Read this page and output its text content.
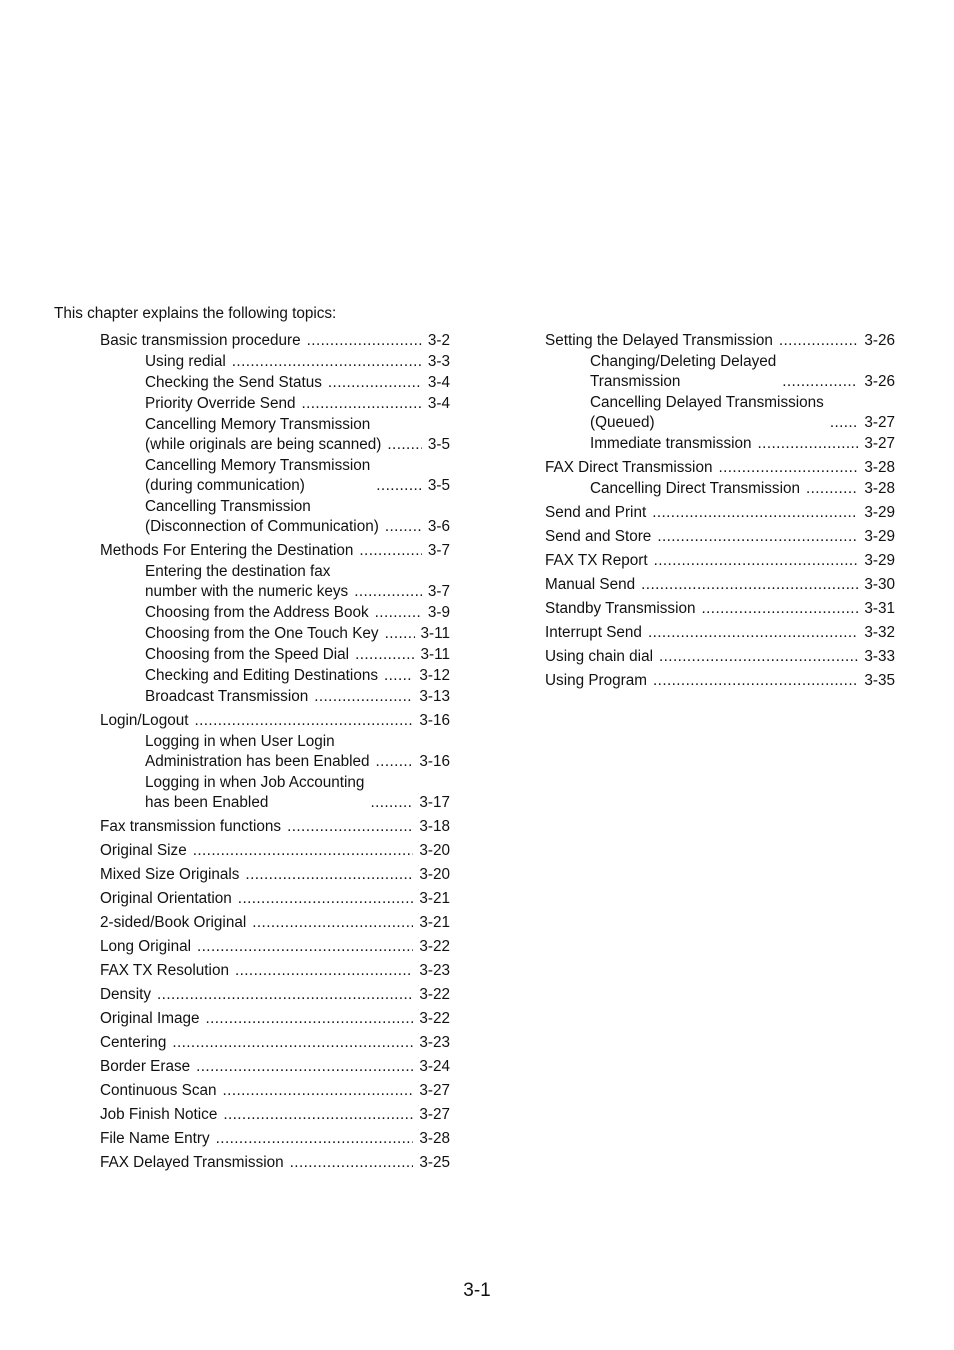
This chapter explains the following topics:

Basic transmission procedure .....	3-2
Using redial .....	3-3
Checking the Send Status .....	3-4
Priority Override Send .....	3-4
Cancelling Memory Transmission
(while originals are being scanned) .....	3-5
Cancelling Memory Transmission
(during communication) .....	3-5
Cancelling Transmission
(Disconnection of Communication) .....	3-6
Methods For Entering the Destination .....	3-7
Entering the destination fax
number with the numeric keys .....	3-7
Choosing from the Address Book .....	3-9
Choosing from the One Touch Key .....	3-11
Choosing from the Speed Dial .....	3-11
Checking and Editing Destinations .....	3-12
Broadcast Transmission .....	3-13
Login/Logout .....	3-16
Logging in when User Login
Administration has been Enabled .....	3-16
Logging in when Job Accounting
has been Enabled .....	3-17
Fax transmission functions .....	3-18
Original Size .....	3-20
Mixed Size Originals .....	3-20
Original Orientation .....	3-21
2-sided/Book Original .....	3-21
Long Original .....	3-22
FAX TX Resolution .....	3-23
Density .....	3-22
Original Image .....	3-22
Centering .....	3-23
Border Erase .....	3-24
Continuous Scan .....	3-27
Job Finish Notice .....	3-27
File Name Entry .....	3-28
FAX Delayed Transmission .....	3-25
Setting the Delayed Transmission .....	3-26
Changing/Deleting Delayed
Transmission .....	3-26
Cancelling Delayed Transmissions
(Queued) .....	3-27
Immediate transmission .....	3-27
FAX Direct Transmission .....	3-28
Cancelling Direct Transmission .....	3-28
Send and Print .....	3-29
Send and Store .....	3-29
FAX TX Report .....	3-29
Manual Send .....	3-30
Standby Transmission .....	3-31
Interrupt Send .....	3-32
Using chain dial .....	3-33
Using Program .....	3-35

3-1
